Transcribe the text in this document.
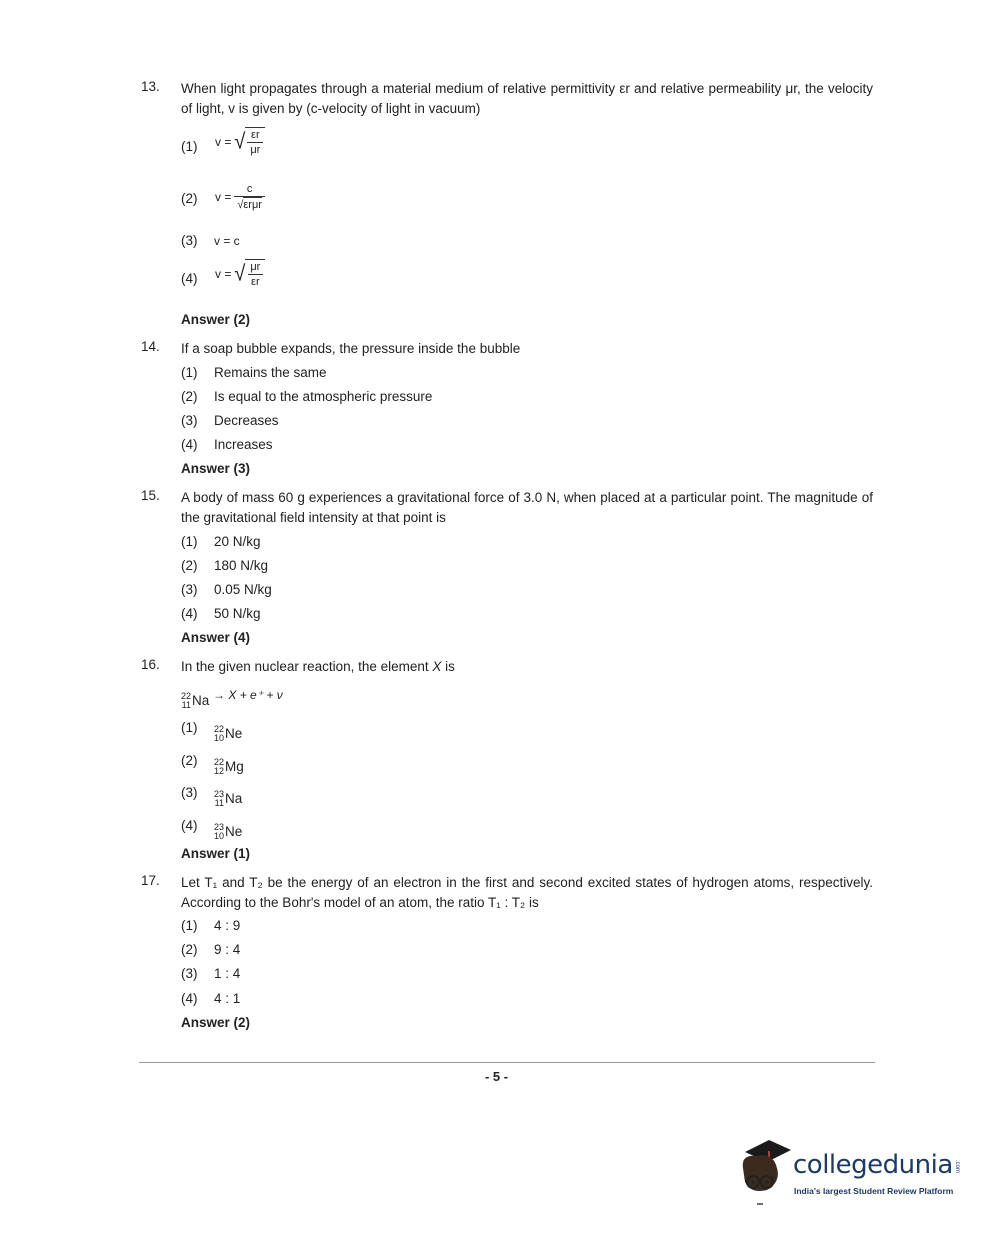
13. When light propagates through a material medium of relative permittivity εr and relative permeability μr, the velocity of light, v is given by (c-velocity of light in vacuum)
(1)	v = √ $\frac{\varepsilon r}{\mu r}$
(2)	$v = \frac{c}{\text{√ εrμr}}$
(3) v = c
(4)	v = √ $\frac{\mu r}{\varepsilon r}$
Answer (2)
14. If a soap bubble expands, the pressure inside the bubble
(1) Remains the same
(2) Is equal to the atmospheric pressure
(3) Decreases
(4) Increases
Answer (3)
15. A body of mass 60 g experiences a gravitational force of 3.0 N, when placed at a particular point. The magnitude of the gravitational field intensity at that point is
(1) 20 N/kg
(2) 180 N/kg
(3) 0.05 N/kg
(4) 50 N/kg
Answer (4)
16. In the given nuclear reaction, the element X is
22
11 Na → X + e⁺ + ν
(1) 22
10 Ne
(2) 22
12 Mg
(3) 23
11 Na
(4) 23
10 Ne
Answer (1)
17. Let T₁ and T₂ be the energy of an electron in the first and second excited states of hydrogen atoms, respectively. According to the Bohr's model of an atom, the ratio T₁ : T₂ is
(1) 4 : 9
(2) 9 : 4
(3) 1 : 4
(4) 4 : 1
Answer (2)
- 5 -
collegedunia .com
India's largest Student Review Platform
